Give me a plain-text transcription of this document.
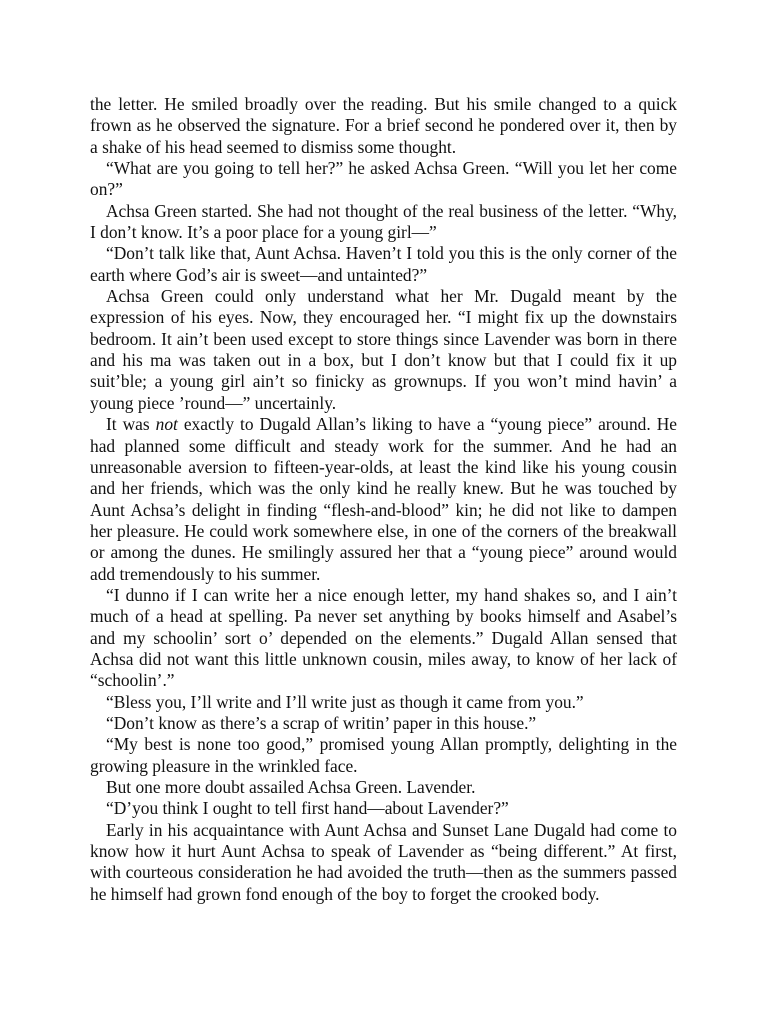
the letter. He smiled broadly over the reading. But his smile changed to a quick frown as he observed the signature. For a brief second he pondered over it, then by a shake of his head seemed to dismiss some thought.

“What are you going to tell her?” he asked Achsa Green. “Will you let her come on?”

Achsa Green started. She had not thought of the real business of the letter. “Why, I don’t know. It’s a poor place for a young girl—”

“Don’t talk like that, Aunt Achsa. Haven’t I told you this is the only corner of the earth where God’s air is sweet—and untainted?”

Achsa Green could only understand what her Mr. Dugald meant by the expression of his eyes. Now, they encouraged her. “I might fix up the downstairs bedroom. It ain’t been used except to store things since Lavender was born in there and his ma was taken out in a box, but I don’t know but that I could fix it up suit’ble; a young girl ain’t so finicky as grownups. If you won’t mind havin’ a young piece ’round—” uncertainly.

It was not exactly to Dugald Allan’s liking to have a “young piece” around. He had planned some difficult and steady work for the summer. And he had an unreasonable aversion to fifteen-year-olds, at least the kind like his young cousin and her friends, which was the only kind he really knew. But he was touched by Aunt Achsa’s delight in finding “flesh-and-blood” kin; he did not like to dampen her pleasure. He could work somewhere else, in one of the corners of the breakwall or among the dunes. He smilingly assured her that a “young piece” around would add tremendously to his summer.

“I dunno if I can write her a nice enough letter, my hand shakes so, and I ain’t much of a head at spelling. Pa never set anything by books himself and Asabel’s and my schoolin’ sort o’ depended on the elements.” Dugald Allan sensed that Achsa did not want this little unknown cousin, miles away, to know of her lack of “schoolin’.”

“Bless you, I’ll write and I’ll write just as though it came from you.”

“Don’t know as there’s a scrap of writin’ paper in this house.”

“My best is none too good,” promised young Allan promptly, delighting in the growing pleasure in the wrinkled face.

But one more doubt assailed Achsa Green. Lavender.

“D’you think I ought to tell first hand—about Lavender?”

Early in his acquaintance with Aunt Achsa and Sunset Lane Dugald had come to know how it hurt Aunt Achsa to speak of Lavender as “being different.” At first, with courteous consideration he had avoided the truth—then as the summers passed he himself had grown fond enough of the boy to forget the crooked body.
